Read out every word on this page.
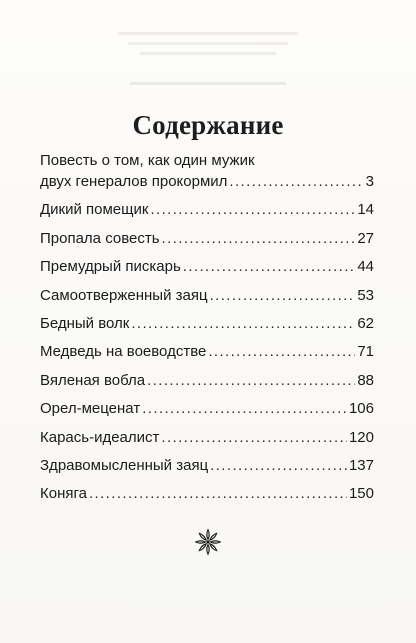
Содержание
Повесть о том, как один мужик
двух генералов прокормил .....	3
Дикий помещик .....	14
Пропала совесть .....	27
Премудрый пискарь .....	44
Самоотверженный заяц .....	53
Бедный волк .....	62
Медведь на воеводстве .....	71
Вяленая вобла .....	88
Орел-меценат .....	106
Карась-идеалист .....	120
Здравомысленный заяц .....	137
Коняга .....	150
